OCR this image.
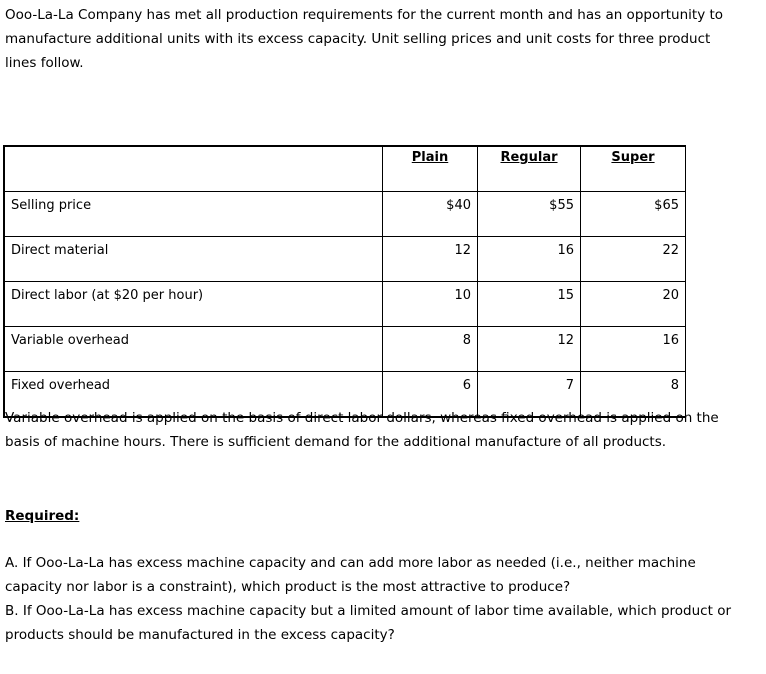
Ooo-La-La Company has met all production requirements for the current month and has an opportunity to manufacture additional units with its excess capacity. Unit selling prices and unit costs for three product lines follow.

	Plain	Regular	Super
Selling price	$40	$55	$65
Direct material	12	16	22
Direct labor (at $20 per hour)	10	15	20
Variable overhead	8	12	16
Fixed overhead	6	7	8

Variable overhead is applied on the basis of direct labor dollars, whereas fixed overhead is applied on the basis of machine hours. There is sufficient demand for the additional manufacture of all products.

Required:
A. If Ooo-La-La has excess machine capacity and can add more labor as needed (i.e., neither machine capacity nor labor is a constraint), which product is the most attractive to produce?
B. If Ooo-La-La has excess machine capacity but a limited amount of labor time available, which product or products should be manufactured in the excess capacity?
